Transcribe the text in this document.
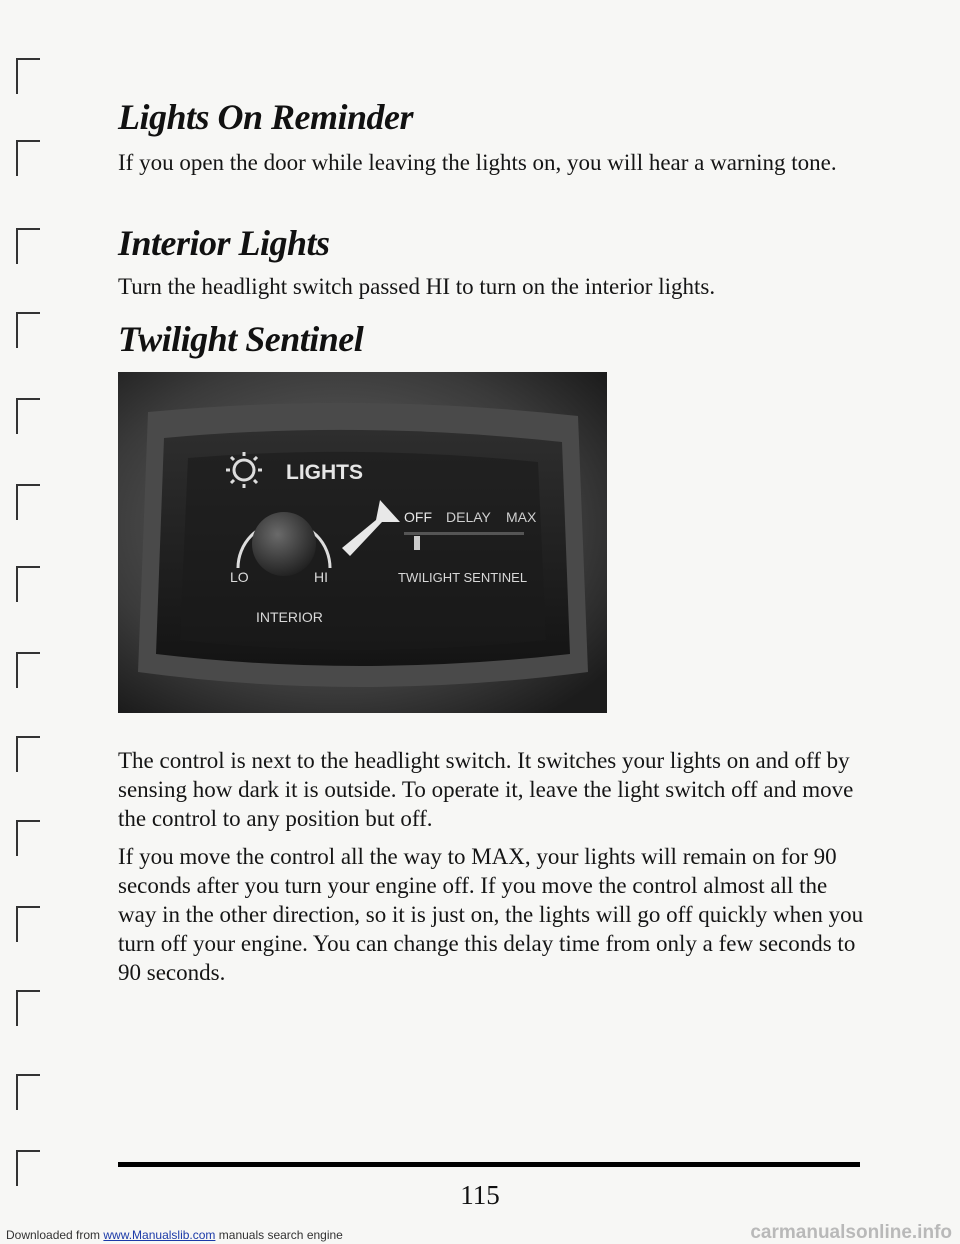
Lights On Reminder

If you open the door while leaving the lights on, you will hear a warning tone.

Interior Lights

Turn the headlight switch passed HI to turn on the interior lights.

Twilight Sentinel
LIGHTS
OFF DELAY MAX
LO	HI	TWILIGHT SENTINEL
INTERIOR

The control is next to the headlight switch. It switches your lights on and off by sensing how dark it is outside. To operate it, leave the light switch off and move the control to any position but off.

If you move the control all the way to MAX, your lights will remain on for 90 seconds after you turn your engine off. If you move the control almost all the way in the other direction, so it is just on, the lights will go off quickly when you turn off your engine. You can change this delay time from only a few seconds to 90 seconds.

115
Downloaded from www.Manualslib.com manuals search engine	carmanualsonline.info
